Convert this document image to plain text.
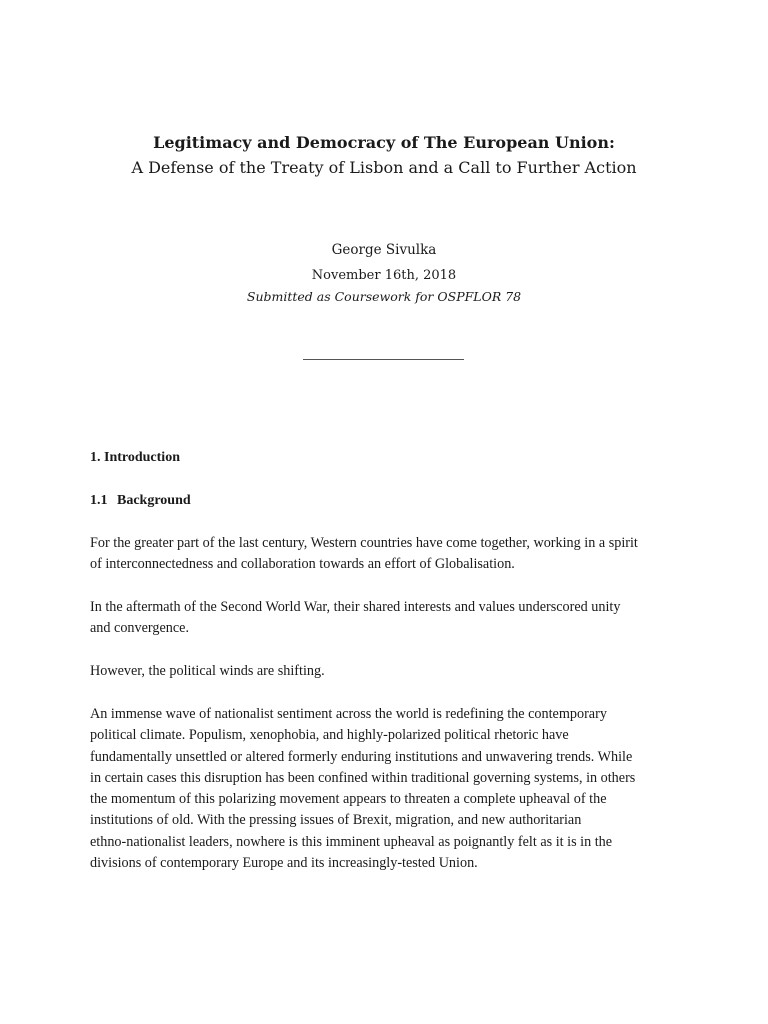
Legitimacy and Democracy of The European Union:
A Defense of the Treaty of Lisbon and a Call to Further Action
George Sivulka
November 16th, 2018
Submitted as Coursework for OSPFLOR 78
1. Introduction
1.1 Background

For the greater part of the last century, Western countries have come together, working in a spirit
of interconnectedness and collaboration towards an effort of Globalisation.

In the aftermath of the Second World War, their shared interests and values underscored unity
and convergence.

However, the political winds are shifting.

An immense wave of nationalist sentiment across the world is redefining the contemporary
political climate. Populism, xenophobia, and highly-polarized political rhetoric have
fundamentally unsettled or altered formerly enduring institutions and unwavering trends. While
in certain cases this disruption has been confined within traditional governing systems, in others
the momentum of this polarizing movement appears to threaten a complete upheaval of the
institutions of old. With the pressing issues of Brexit, migration, and new authoritarian
ethno-nationalist leaders, nowhere is this imminent upheaval as poignantly felt as it is in the
divisions of contemporary Europe and its increasingly-tested Union.
